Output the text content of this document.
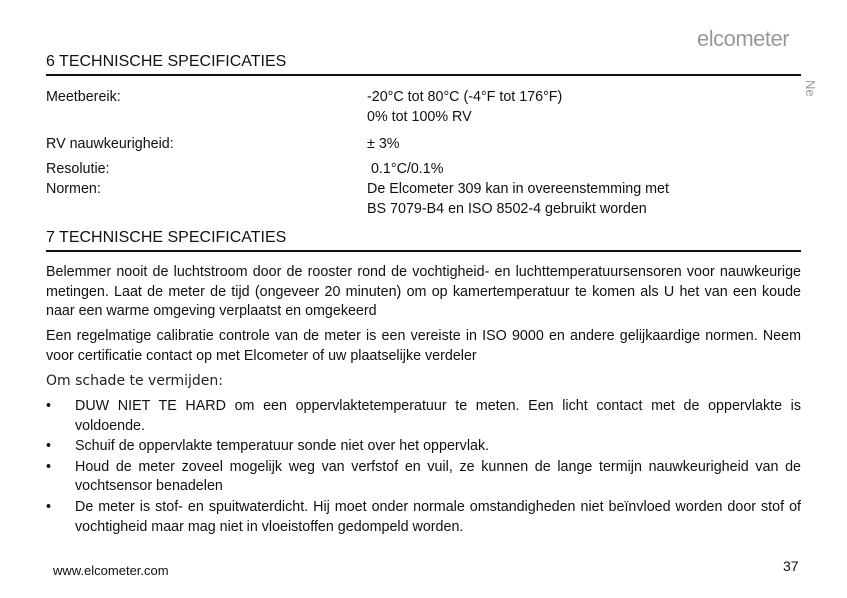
elcometer
Ne
6 TECHNISCHE SPECIFICATIES
Meetbereik:	-20°C tot 80°C (-4°F tot 176°F)
0% tot 100% RV
RV nauwkeurigheid:	± 3%
Resolutie:	0.1°C/0.1%
Normen:	De Elcometer 309 kan in overeenstemming met
BS 7079-B4 en ISO 8502-4 gebruikt worden
7 TECHNISCHE SPECIFICATIES
Belemmer nooit de luchtstroom door de rooster rond de vochtigheid- en luchttemperatuursensoren voor nauwkeurige metingen. Laat de meter de tijd (ongeveer 20 minuten) om op kamertemperatuur te komen als U het van een koude naar een warme omgeving verplaatst en omgekeerd
Een regelmatige calibratie controle van de meter is een vereiste in ISO 9000 en andere gelijkaardige normen. Neem voor certificatie contact op met Elcometer of uw plaatselijke verdeler
Om schade te vermijden:
• DUW NIET TE HARD om een oppervlaktetemperatuur te meten. Een licht contact met de oppervlakte is voldoende.
• Schuif de oppervlakte temperatuur sonde niet over het oppervlak.
• Houd de meter zoveel mogelijk weg van verfstof en vuil, ze kunnen de lange termijn nauwkeurigheid van de vochtsensor benadelen
• De meter is stof- en spuitwaterdicht. Hij moet onder normale omstandigheden niet beïnvloed worden door stof of vochtigheid maar mag niet in vloeistoffen gedompeld worden.
www.elcometer.com	37
